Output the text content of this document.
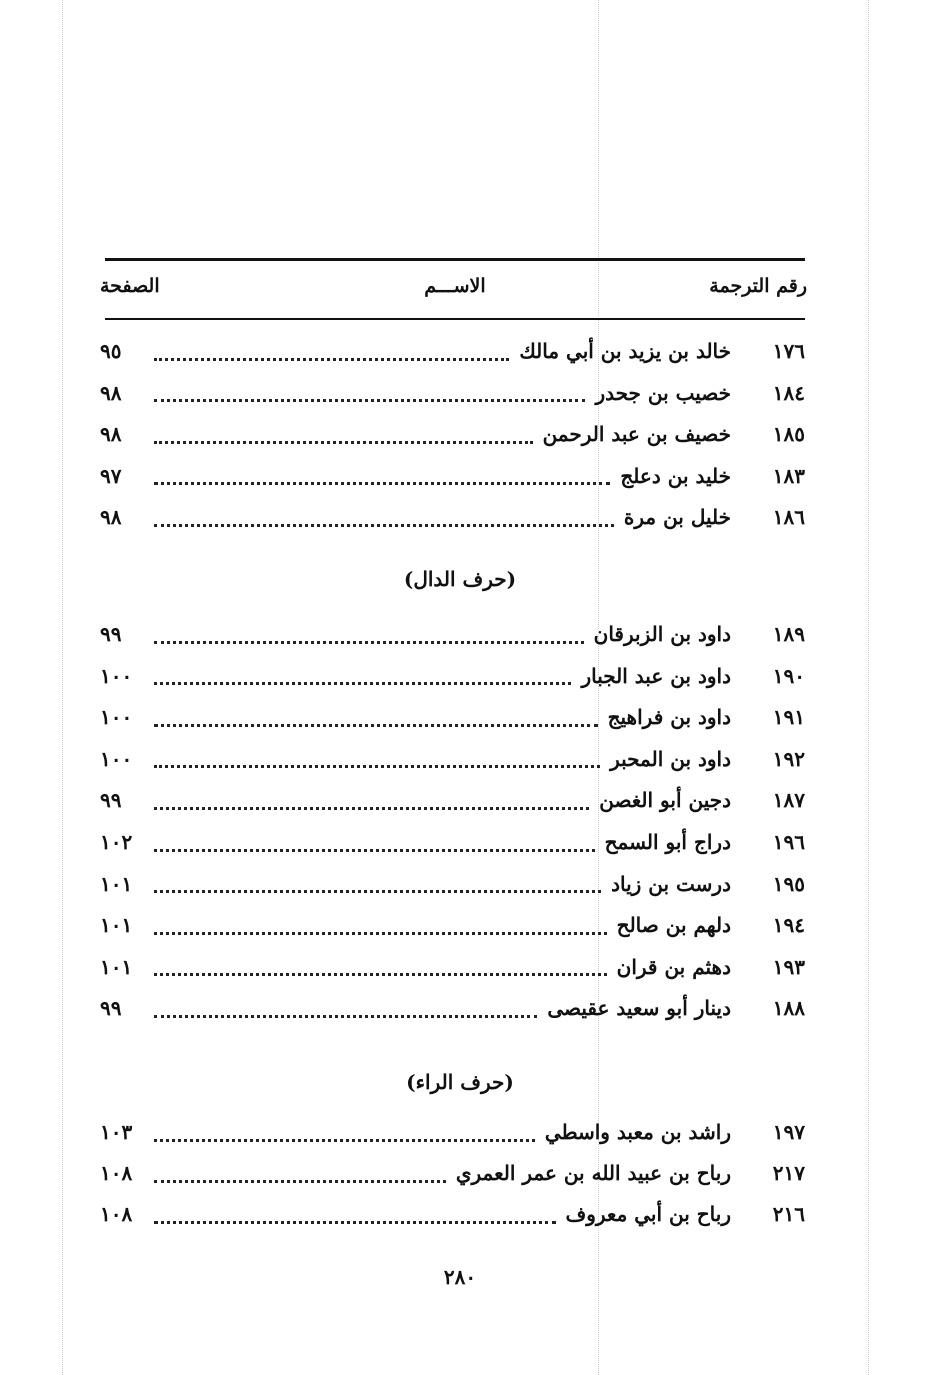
رقم الترجمة
الاســـم
الصفحة
١٧٦
خالد بن يزيد بن أبي مالك
٩٥
١٨٤
خصيب بن جحدر
٩٨
١٨٥
خصيف بن عبد الرحمن
٩٨
١٨٣
خليد بن دعلج
٩٧
١٨٦
خليل بن مرة
٩٨
١٨٩
داود بن الزبرقان
٩٩
١٩٠
داود بن عبد الجبار
١٠٠
١٩١
داود بن فراهيج
١٠٠
١٩٢
داود بن المحبر
١٠٠
١٨٧
دجين أبو الغصن
٩٩
١٩٦
دراج أبو السمح
١٠٢
١٩٥
درست بن زياد
١٠١
١٩٤
دلهم بن صالح
١٠١
١٩٣
دهثم بن قران
١٠١
١٨٨
دينار أبو سعيد عقيصى
٩٩
١٩٧
راشد بن معبد واسطي
١٠٣
٢١٧
رباح بن عبيد الله بن عمر العمري
١٠٨
٢١٦
رباح بن أبي معروف
١٠٨
(حرف الدال)
(حرف الراء)
٢٨٠
